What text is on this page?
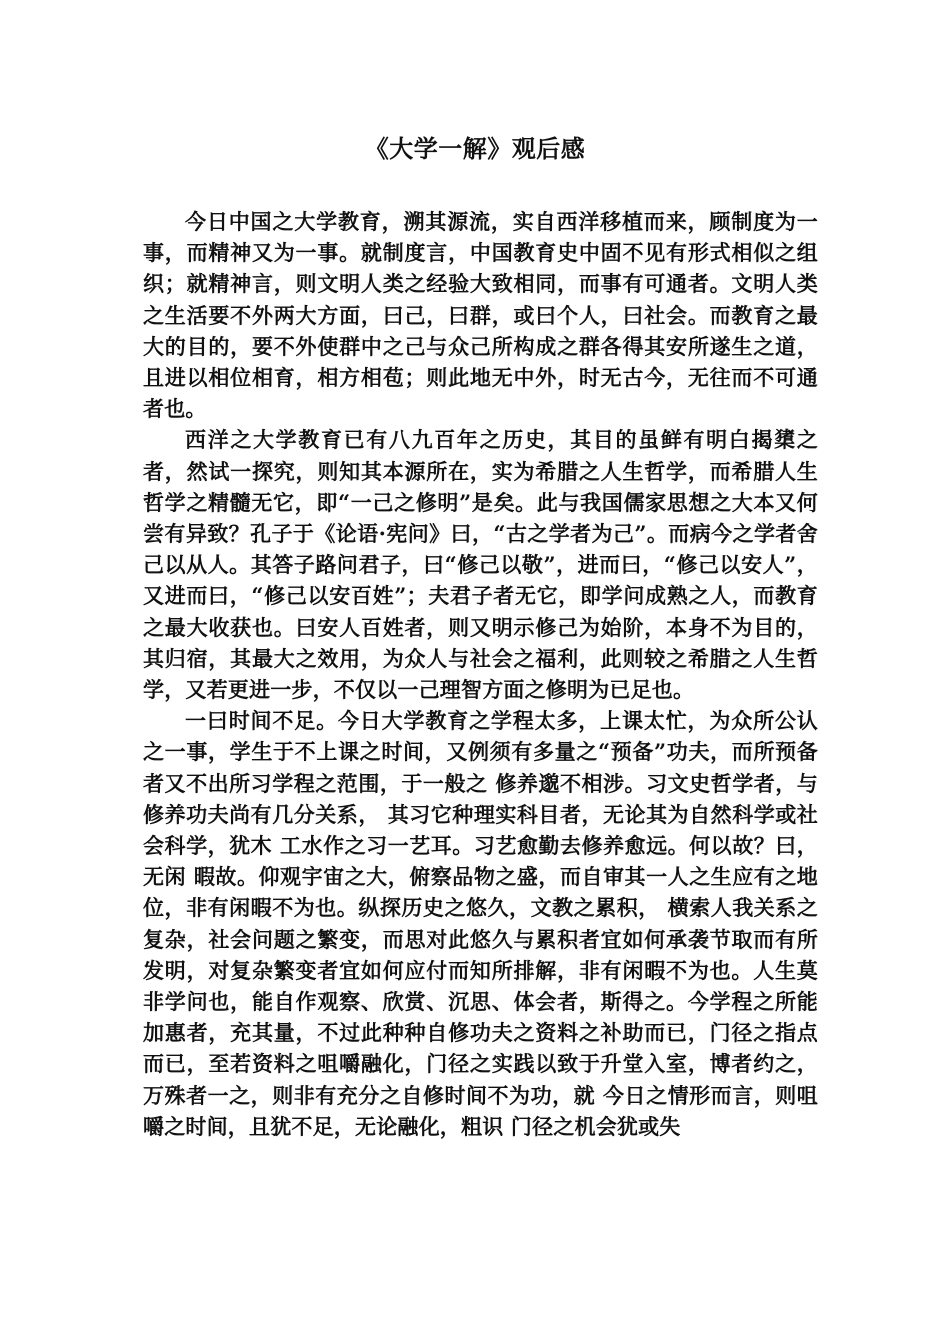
《大学一解》观后感

今日中国之大学教育，溯其源流，实自西洋移植而来，顾制度为一事，而精神又为一事。就制度言，中国教育史中固不见有形式相似之组织；就精神言，则文明人类之经验大致相同，而事有可通者。文明人类之生活要不外两大方面，曰己，曰群，或曰个人，曰社会。而教育之最大的目的，要不外使群中之己与众己所构成之群各得其安所遂生之道，且进以相位相育，相方相苞；则此地无中外，时无古今，无往而不可通者也。

西洋之大学教育已有八九百年之历史，其目的虽鲜有明白揭橥之者，然试一探究，则知其本源所在，实为希腊之人生哲学，而希腊人生哲学之精髓无它，即“一己之修明”是矣。此与我国儒家思想之大本又何尝有异致？孔子于《论语·宪问》曰，“古之学者为己”。而病今之学者舍己以从人。其答子路问君子，曰“修己以敬”，进而曰，“修己以安人”，又进而曰，“修己以安百姓”；夫君子者无它，即学问成熟之人，而教育之最大收获也。曰安人百姓者，则又明示修己为始阶，本身不为目的，其归宿，其最大之效用，为众人与社会之福利，此则较之希腊之人生哲学，又若更进一步，不仅以一己理智方面之修明为已足也。

一曰时间不足。今日大学教育之学程太多，上课太忙，为众所公认之一事，学生于不上课之时间，又例须有多量之“预备”功夫，而所预备者又不出所习学程之范围，于一般之 修养邈不相涉。习文史哲学者，与修养功夫尚有几分关系， 其习它种理实科目者，无论其为自然科学或社会科学，犹木 工水作之习一艺耳。习艺愈勤去修养愈远。何以故？曰，无闲 暇故。仰观宇宙之大，俯察品物之盛，而自审其一人之生应有之地位，非有闲暇不为也。纵探历史之悠久，文教之累积， 横索人我关系之复杂，社会问题之繁变，而思对此悠久与累积者宜如何承袭节取而有所发明，对复杂繁变者宜如何应付而知所排解，非有闲暇不为也。人生莫非学问也，能自作观察、欣赏、沉思、体会者，斯得之。今学程之所能加惠者，充其量，不过此种种自修功夫之资料之补助而已，门径之指点而已，至若资料之咀嚼融化，门径之实践以致于升堂入室，博者约之，万殊者一之，则非有充分之自修时间不为功，就 今日之情形而言，则咀嚼之时间，且犹不足，无论融化，粗识 门径之机会犹或失
